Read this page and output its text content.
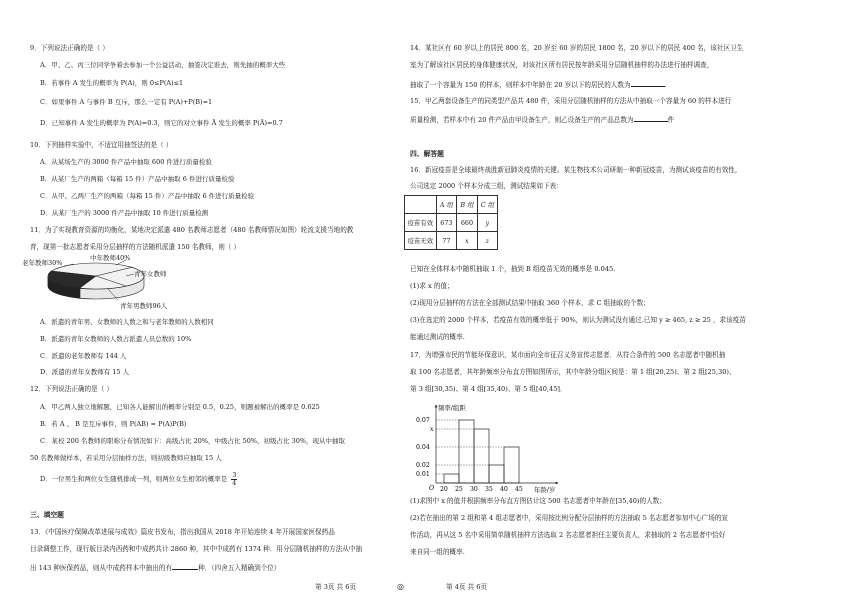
9．下列说法正确的是（ ）
A．甲、乙、丙三位同学争着去参加一个公益活动，抽签决定谁去，则先抽的概率大些
B．若事件 A 发生的概率为 P(A)，则 0≤P(A)≤1
C．如果事件 A 与事件 B 互斥，那么一定有 P(A)+P(B)=1
D．已知事件 A 发生的概率为 P(A)=0.3，则它的对立事件 Ā 发生的概率 P(Ā)=0.7
10．下列抽样实验中，不适宜用抽签法的是（ ）
A．从某场生产的 3000 件产品中抽取 600 件进行质量检验
B．从某厂生产的两箱（每箱 15 件）产品中抽取 6 件进行质量检验
C．从甲、乙两厂生产的两箱（每箱 15 件）产品中抽取 6 件进行质量检验
D．从某厂生产的 3000 件产品中抽取 10 件进行质量检测
11．为了实现教育资源的均衡化，某地决定派遣 480 名教师志愿者（480 名教师情况如图）轮流支援当地的教
育，现第一批志愿者采用分层抽样的方法随机派遣 150 名教师，则（ ）
老年教师30%
中年教师40%
青年女教师
青年男教师96人
A．派遣的青年男、女教师的人数之和与老年教师的人数相同
B．派遣的青年女教师的人数占派遣人员总数的 10%
C．派遣的老年教师有 144 人
D．派遣的青年女教师有 15 人
12．下列说法正确的是（ ）
A．甲乙两人独立地解题，已知各人能解出的概率分别是 0.5，0.25，则题被解出的概率是 0.625
B．若 A 、 B 是互斥事件，则 P(AB) = P(A)P(B)
C．某校 200 名教师的职称分布情况如下：高级占比 20%，中级占比 50%，初级占比 30%，现从中抽取
50 名教师做样本，若采用分层抽样方法，则初级教师应抽取 15 人
D．一位男生和两位女生随机排成一列，则两位女生相邻的概率是 $\frac{3}{4}$
三、填空题
13．《中国医疗保障改革进展与成效》篇皮书发布，指出我国从 2018 年开始连续 4 年开展国家医保药品
目录调整工作，现行版目录内西药和中成药共计 2860 种，其中中成药有 1374 种．用分层随机抽样的方法从中抽
出 143 种医保药品，则从中成药样本中抽出的有	种．（四舍五入精确到个位）
第 3页 共 6页	◎
14．某社区有 60 岁以上的居民 800 名，20 岁至 60 岁的居民 1800 名，20 岁以下的居民 400 名，该社区卫生
室为了解该社区居民的身体健康状况，对该社区所有居民按年龄采用分层随机抽样的办法进行抽样调查，
抽取了一个容量为 150 的样本，则样本中年龄在 20 岁以下的居民的人数为	.
15．甲乙两套设备生产的同类型产品共 480 件，采用分层随机抽样的方法从中抽取一个容量为 60 的样本进行
质量检测，若样本中有 20 件产品由甲设备生产，则乙设备生产的产品总数为	件
四、解答题
16．新冠疫苗是全球最终战胜新冠肺炎疫情的关键。某生物技术公司研制一种新冠疫苗，为测试该疫苗的有效性，
公司选定 2000 个样本分成三组，测试结果如下表：
	A 组	B 组	C 组
疫苗有效	673	660	y
疫苗无效	77	x	z
已知在全体样本中随机抽取 1 个，抽到 B 组疫苗无效的概率是 0.045.
(1)求 x 的值；
(2)现用分层抽样的方法在全部测试结果中抽取 360 个样本，求 C 组抽取的个数；
(3)在选定的 2000 个样本，若疫苗有效的概率低于 90%，则认为测试没有通过.已知 y ≥ 465, z ≥ 25 ，求该疫苗
能通过测试的概率.
17．为增强市民的节能环保意识，某市面向全市征召义务宣传志愿者．从符合条件的 500 名志愿者中随机抽
取 100 名志愿者，其年龄频率分布直方图如图所示，其中年龄分组区间是：第 1 组[20,25)、第 2 组[25,30)、
第 3 组[30,35)、第 4 组[35,40)、第 5 组[40,45]．
频率/组距
年龄/岁
O 20 25 30 35 40 45
0.07
x
0.04
0.02
0.01
(1)求图中 x 的值并根据频率分布直方图估计这 500 名志愿者中年龄在[35,40)的人数；
(2)若在抽出的第 2 组和第 4 组志愿者中，采用按比例分配分层抽样的方法抽取 5 名志愿者参加中心广场的宣
传活动，再从这 5 名中采用简单随机抽样方法选取 2 名志愿者担任主要负责人，求抽取的 2 名志愿者中恰好
来自同一组的概率.
第 4页 共 6页
